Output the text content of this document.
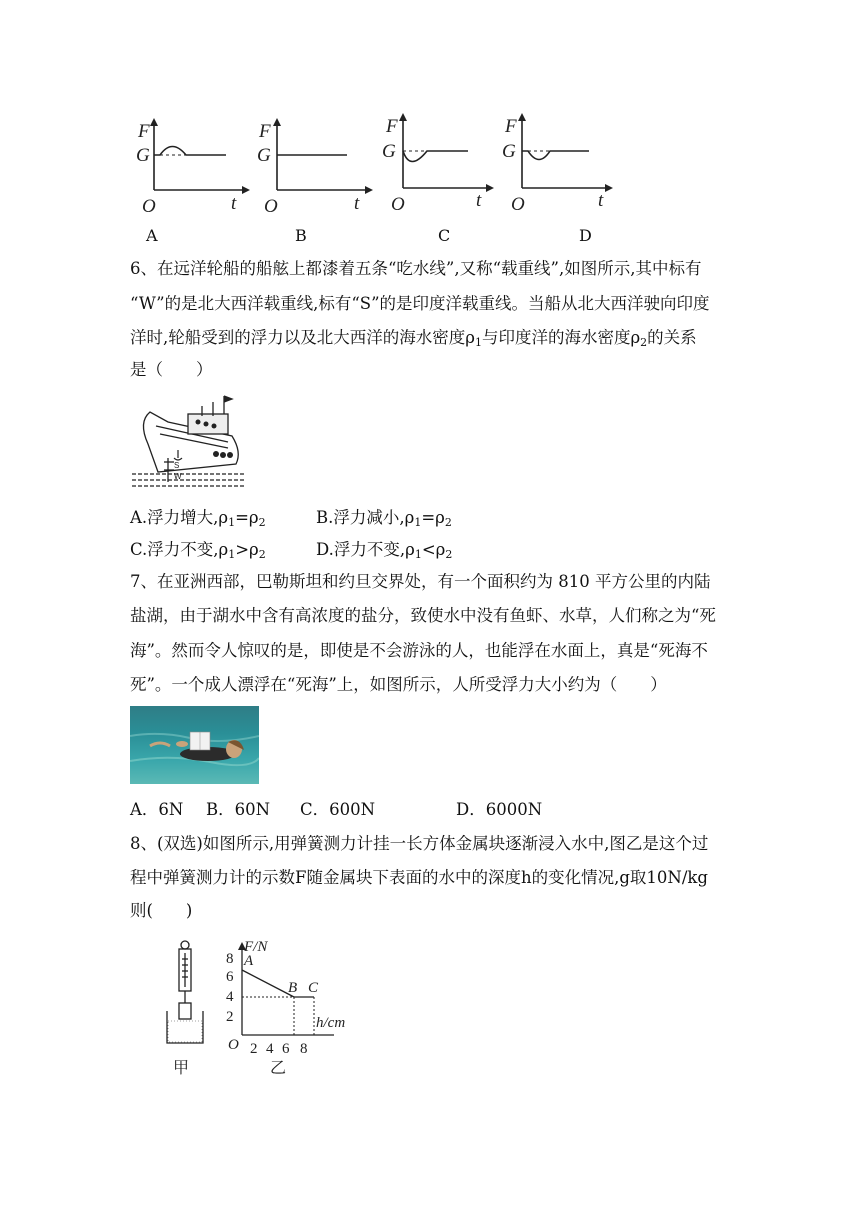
F
G
O	t
F
G
O	t
F
G
O	t
F
G
O	t
A	B	C	D
6、在远洋轮船的船舷上都漆着五条“吃水线”,又称“载重线”,如图所示,其中标有
“W”的是北大西洋载重线,标有“S”的是印度洋载重线。当船从北大西洋驶向印度
洋时,轮船受到的浮力以及北大西洋的海水密度$\rho_1$与印度洋的海水密度$\rho_2$的关系
是（　　）
S
W
A.浮力增大$,\rho_1=\rho_2$	B.浮力减小$,\rho_1=\rho_2$
C.浮力不变$,\rho_1>\rho_2$	D.浮力不变$,\rho_1<\rho_2$
7、在亚洲西部，巴勒斯坦和约旦交界处，有一个面积约为 810 平方公里的内陆
盐湖，由于湖水中含有高浓度的盐分，致使水中没有鱼虾、水草，人们称之为“死
海”。然而令人惊叹的是，即使是不会游泳的人，也能浮在水面上，真是“死海不
死”。一个成人漂浮在“死海”上，如图所示，人所受浮力大小约为（　　）
A．6N B．60N C．600N	D．6000N
8、(双选)如图所示,用弹簧测力计挂一长方体金属块逐渐浸入水中,图乙是这个过
程中弹簧测力计的示数F随金属块下表面的水中的深度h的变化情况,g取10N/kg
则(　　)
甲
F/N
8
6
4
2
A
B C
h/cm
O 2 4 6 8
乙
